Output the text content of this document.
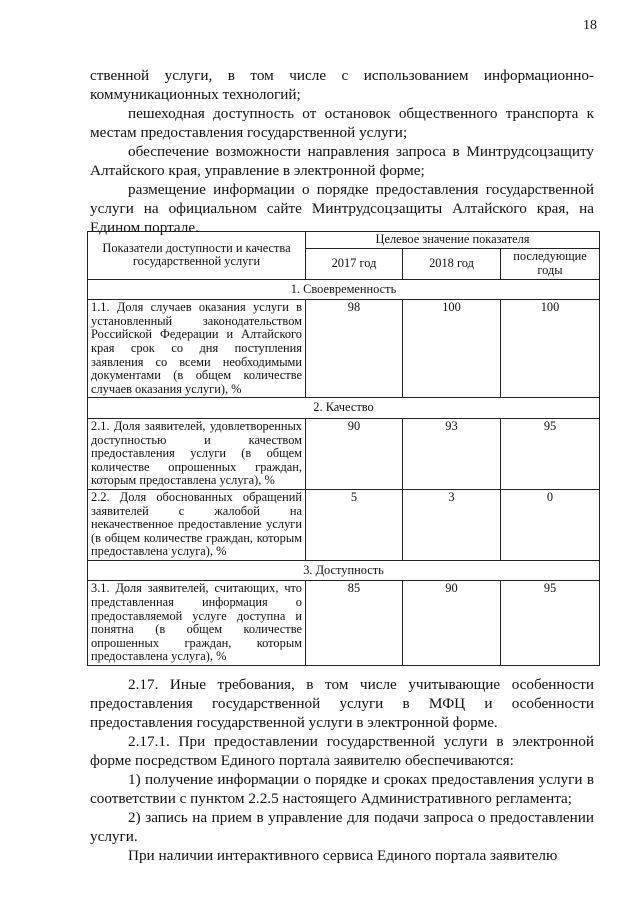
18

ственной услуги, в том числе с использованием информационно-коммуникационных технологий;

пешеходная доступность от остановок общественного транспорта к местам предоставления государственной услуги;

обеспечение возможности направления запроса в Минтрудсоцзащиту Алтайского края, управление в электронной форме;

размещение информации о порядке предоставления государственной услуги на официальном сайте Минтрудсоцзащиты Алтайского края, на Едином портале.

Показатели доступности и качества государственной услуги	Целевое значение показателя		
	2017 год	2018 год	последующие годы
1. Своевременность			
1.1. Доля случаев оказания услуги в установленный законодательством Российской Федерации и Алтайского края срок со дня поступления заявления со всеми необходимыми документами (в общем количестве случаев оказания услуги), %	98	100	100
2. Качество			
2.1. Доля заявителей, удовлетворенных доступностью и качеством предоставления услуги (в общем количестве опрошенных граждан, которым предоставлена услуга), %	90	93	95
2.2. Доля обоснованных обращений заявителей с жалобой на некачественное предоставление услуги (в общем количестве граждан, которым предоставлена услуга), %	5	3	0
3. Доступность			
3.1. Доля заявителей, считающих, что представленная информация о предоставляемой услуге доступна и понятна (в общем количестве опрошенных граждан, которым предоставлена услуга), %	85	90	95

2.17. Иные требования, в том числе учитывающие особенности предоставления государственной услуги в МФЦ и особенности предоставления государственной услуги в электронной форме.

2.17.1. При предоставлении государственной услуги в электронной форме посредством Единого портала заявителю обеспечиваются:

1) получение информации о порядке и сроках предоставления услуги в соответствии с пунктом 2.2.5 настоящего Административного регламента;

2) запись на прием в управление для подачи запроса о предоставлении услуги.

При наличии интерактивного сервиса Единого портала заявителю
